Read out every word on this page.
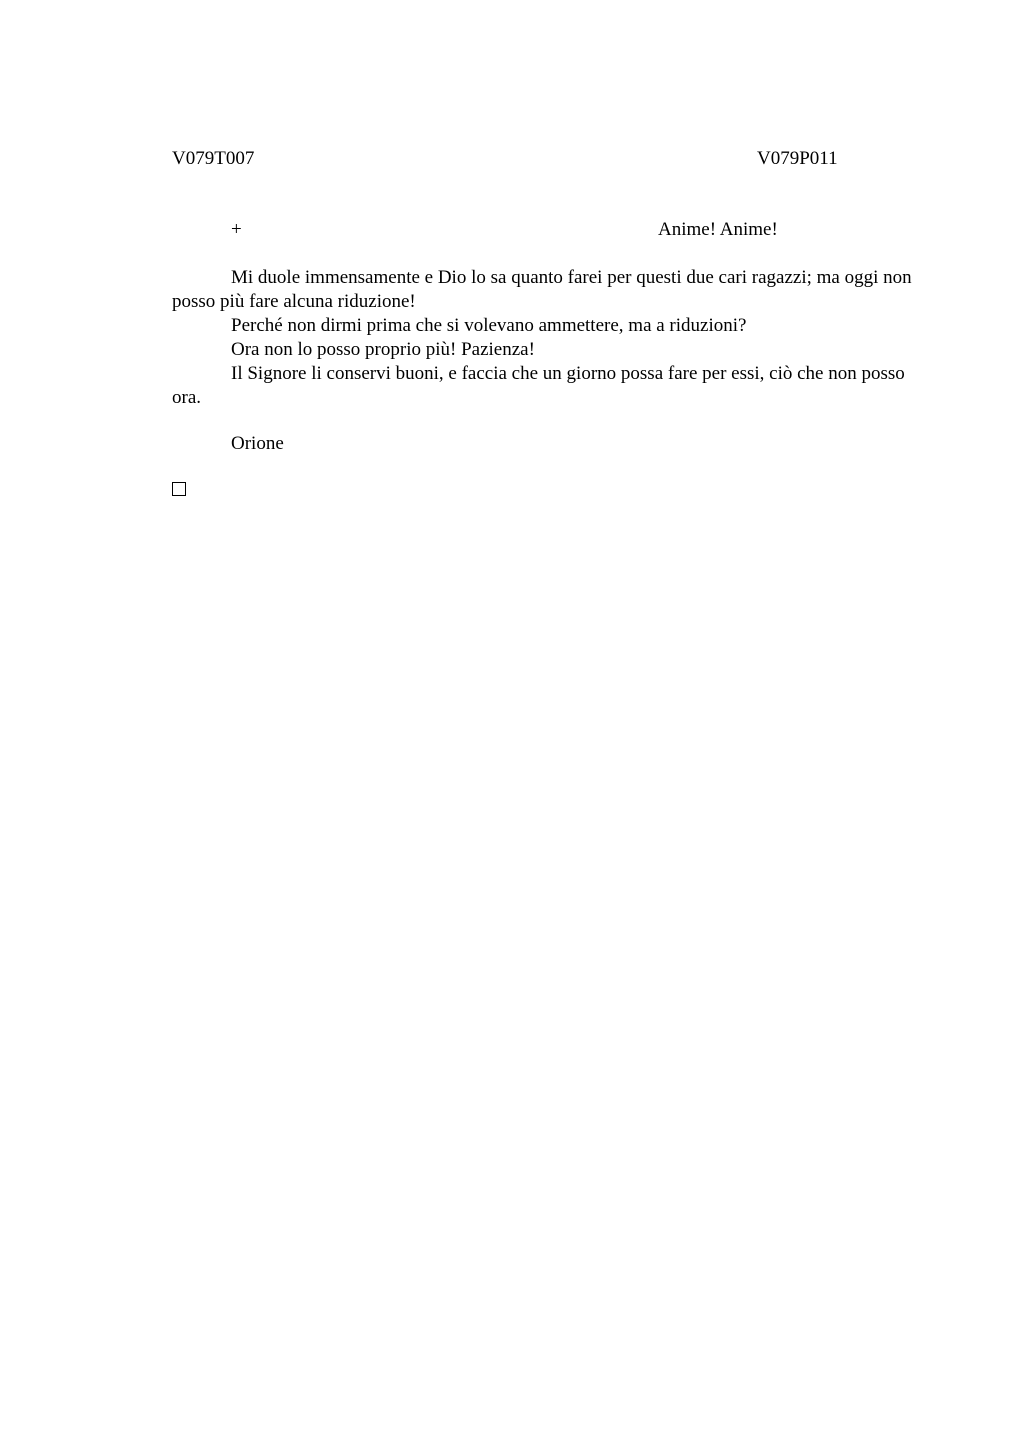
V079T007	V079P011
+	Anime! Anime!

Mi duole immensamente e Dio lo sa quanto farei per questi due cari ragazzi; ma oggi non posso più fare alcuna riduzione!

Perché non dirmi prima che si volevano ammettere, ma a riduzioni?

Ora non lo posso proprio più! Pazienza!

Il Signore li conservi buoni, e faccia che un giorno possa fare per essi, ciò che non posso ora.

Orione
